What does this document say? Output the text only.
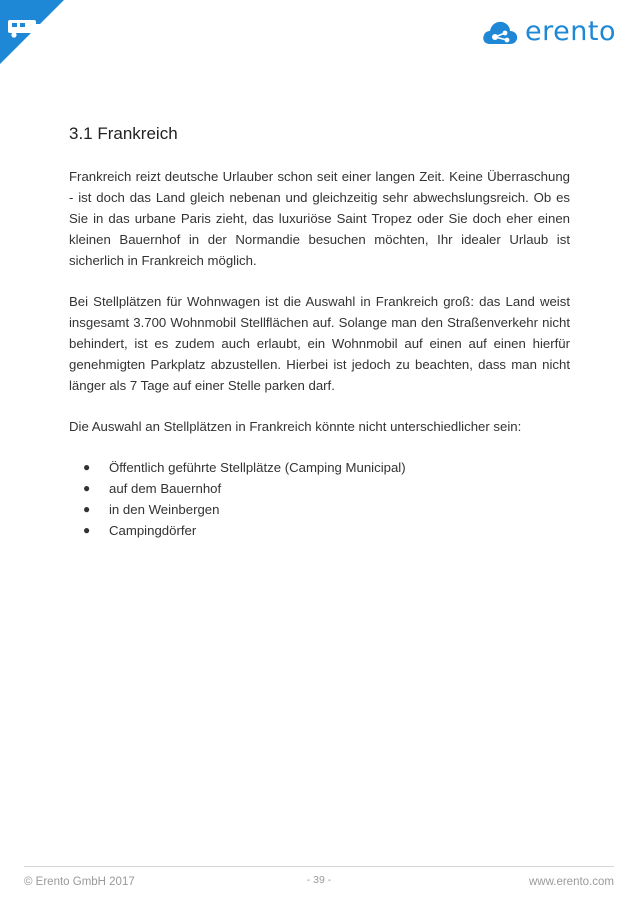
erento
3.1 Frankreich

Frankreich reizt deutsche Urlauber schon seit einer langen Zeit. Keine Überraschung - ist doch das Land gleich nebenan und gleichzeitig sehr abwechslungsreich. Ob es Sie in das urbane Paris zieht, das luxuriöse Saint Tropez oder Sie doch eher einen kleinen Bauernhof in der Normandie besuchen möchten, Ihr idealer Urlaub ist sicherlich in Frankreich möglich.

Bei Stellplätzen für Wohnwagen ist die Auswahl in Frankreich groß: das Land weist insgesamt 3.700 Wohnmobil Stellflächen auf. Solange man den Straßenverkehr nicht behindert, ist es zudem auch erlaubt, ein Wohnmobil auf einen auf einen hierfür genehmigten Parkplatz abzustellen. Hierbei ist jedoch zu beachten, dass man nicht länger als 7 Tage auf einer Stelle parken darf.

Die Auswahl an Stellplätzen in Frankreich könnte nicht unterschiedlicher sein:

● Öffentlich geführte Stellplätze (Camping Municipal)
● auf dem Bauernhof
● in den Weinbergen
● Campingdörfer
© Erento GmbH 2017	- 39 -	www.erento.com
